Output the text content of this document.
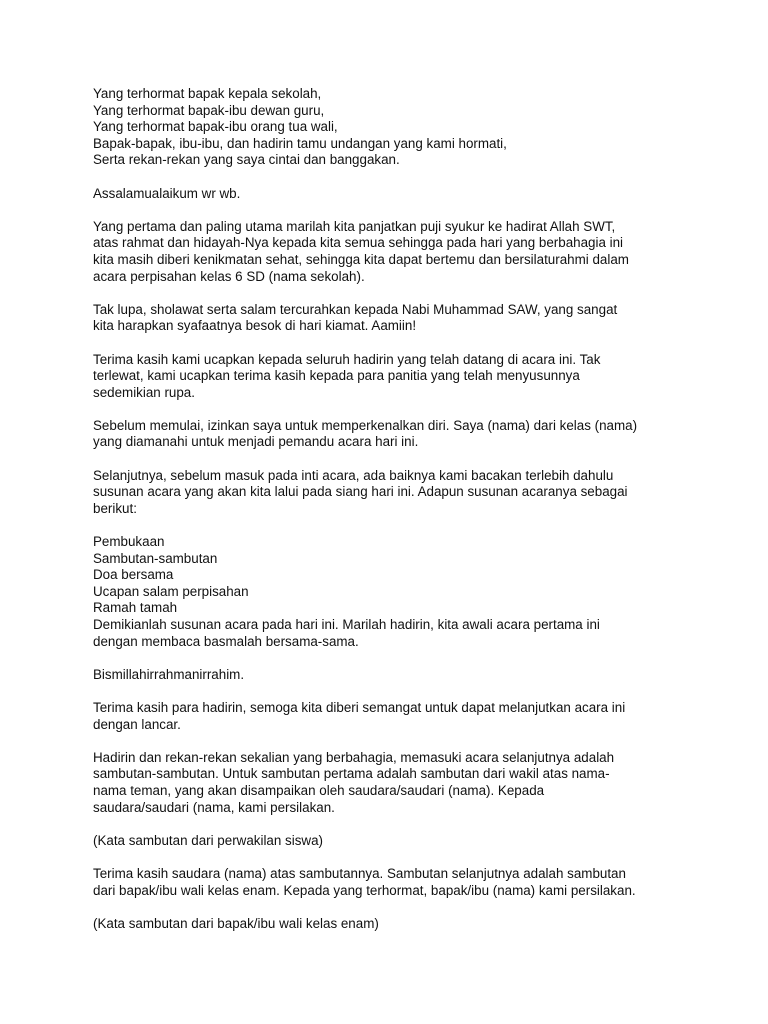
Yang terhormat bapak kepala sekolah,
Yang terhormat bapak-ibu dewan guru,
Yang terhormat bapak-ibu orang tua wali,
Bapak-bapak, ibu-ibu, dan hadirin tamu undangan yang kami hormati,
Serta rekan-rekan yang saya cintai dan banggakan.
Assalamualaikum wr wb.
Yang pertama dan paling utama marilah kita panjatkan puji syukur ke hadirat Allah SWT,
atas rahmat dan hidayah-Nya kepada kita semua sehingga pada hari yang berbahagia ini
kita masih diberi kenikmatan sehat, sehingga kita dapat bertemu dan bersilaturahmi dalam
acara perpisahan kelas 6 SD (nama sekolah).
Tak lupa, sholawat serta salam tercurahkan kepada Nabi Muhammad SAW, yang sangat
kita harapkan syafaatnya besok di hari kiamat. Aamiin!
Terima kasih kami ucapkan kepada seluruh hadirin yang telah datang di acara ini. Tak
terlewat, kami ucapkan terima kasih kepada para panitia yang telah menyusunnya
sedemikian rupa.
Sebelum memulai, izinkan saya untuk memperkenalkan diri. Saya (nama) dari kelas (nama)
yang diamanahi untuk menjadi pemandu acara hari ini.
Selanjutnya, sebelum masuk pada inti acara, ada baiknya kami bacakan terlebih dahulu
susunan acara yang akan kita lalui pada siang hari ini. Adapun susunan acaranya sebagai
berikut:
Pembukaan
Sambutan-sambutan
Doa bersama
Ucapan salam perpisahan
Ramah tamah
Demikianlah susunan acara pada hari ini. Marilah hadirin, kita awali acara pertama ini
dengan membaca basmalah bersama-sama.
Bismillahirrahmanirrahim.
Terima kasih para hadirin, semoga kita diberi semangat untuk dapat melanjutkan acara ini
dengan lancar.
Hadirin dan rekan-rekan sekalian yang berbahagia, memasuki acara selanjutnya adalah
sambutan-sambutan. Untuk sambutan pertama adalah sambutan dari wakil atas nama-
nama teman, yang akan disampaikan oleh saudara/saudari (nama). Kepada
saudara/saudari (nama, kami persilakan.
(Kata sambutan dari perwakilan siswa)
Terima kasih saudara (nama) atas sambutannya. Sambutan selanjutnya adalah sambutan
dari bapak/ibu wali kelas enam. Kepada yang terhormat, bapak/ibu (nama) kami persilakan.
(Kata sambutan dari bapak/ibu wali kelas enam)
